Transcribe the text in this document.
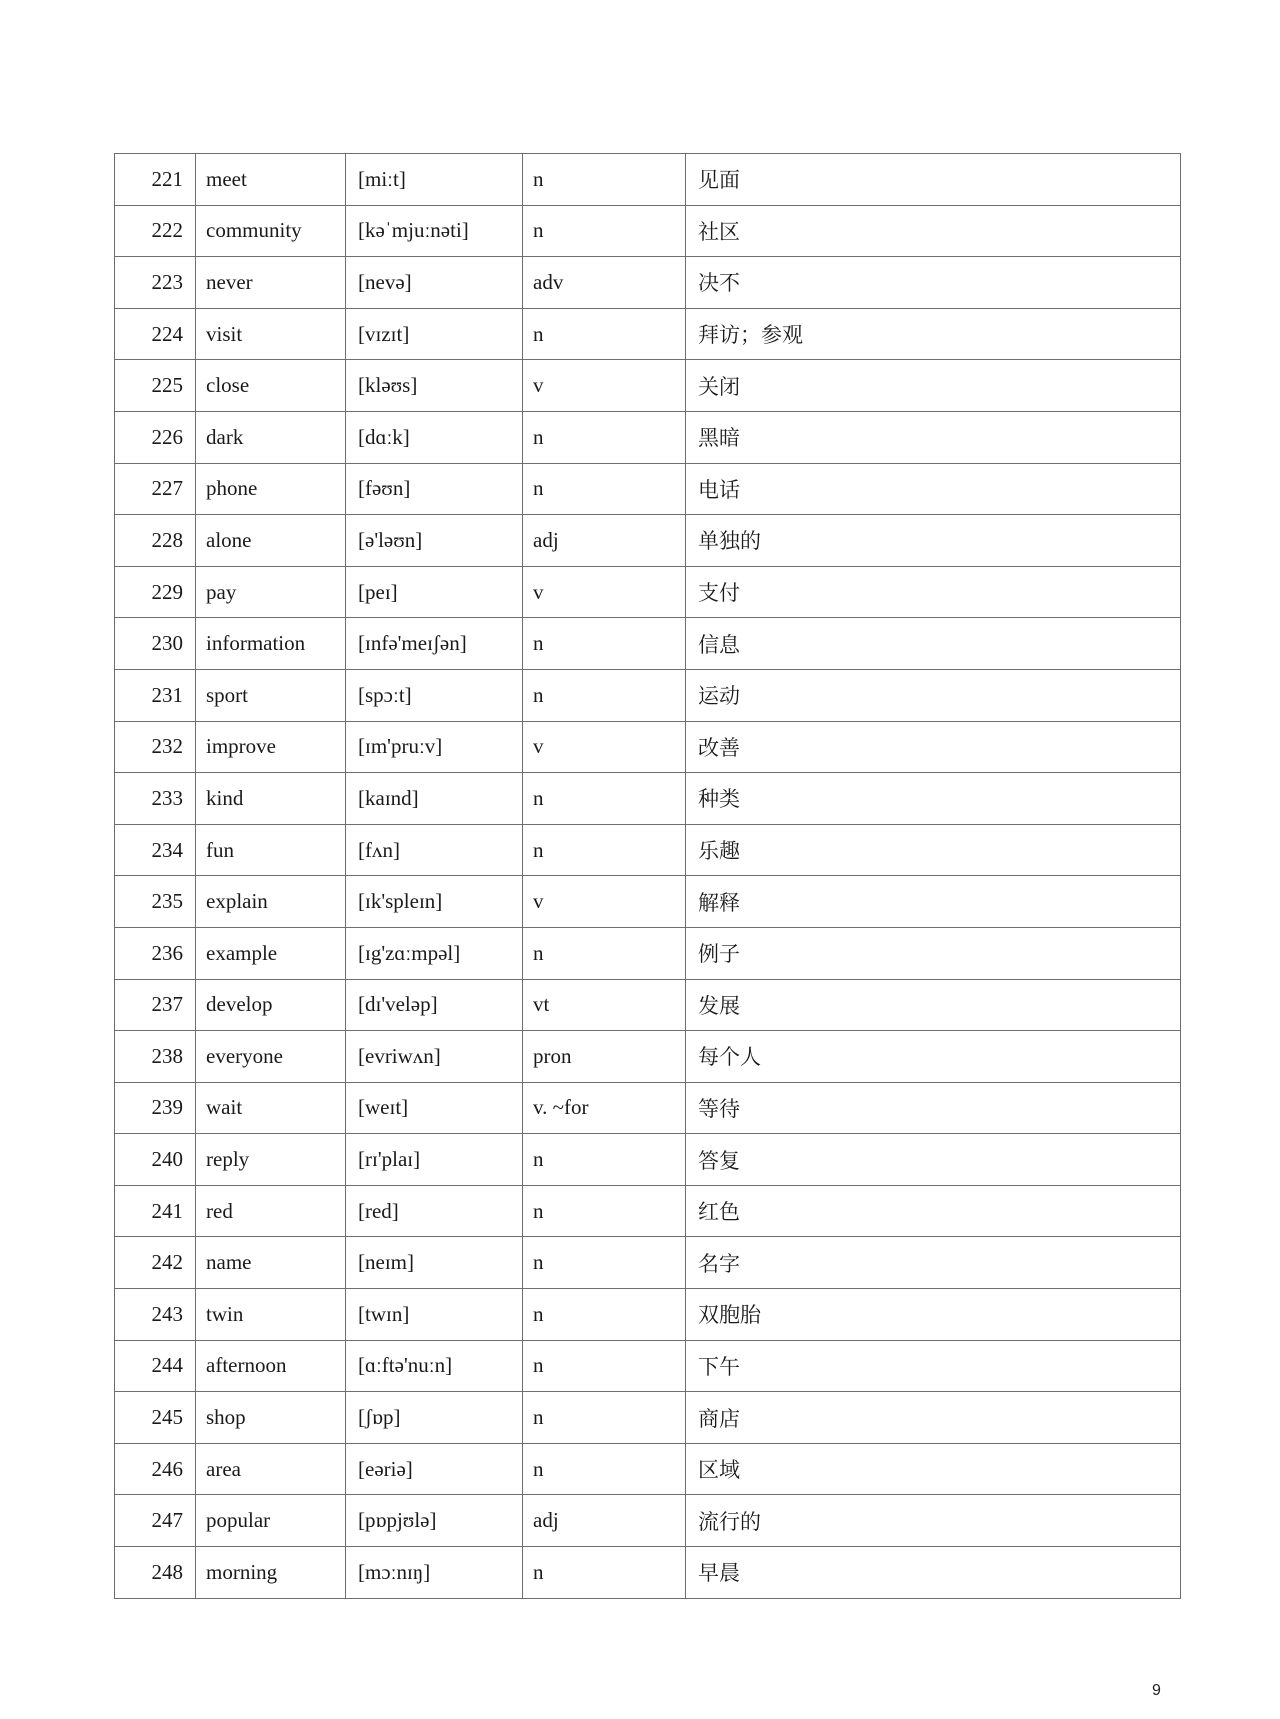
221	meet	[miːt]	n	见面
222	community	[kəˈmjuːnəti]	n	社区
223	never	[nevə]	adv	决不
224	visit	[vɪzɪt]	n	拜访；参观
225	close	[kləʊs]	v	关闭
226	dark	[dɑːk]	n	黑暗
227	phone	[fəʊn]	n	电话
228	alone	[ə'ləʊn]	adj	单独的
229	pay	[peɪ]	v	支付
230	information	[ɪnfə'meɪʃən]	n	信息
231	sport	[spɔːt]	n	运动
232	improve	[ɪm'pruːv]	v	改善
233	kind	[kaɪnd]	n	种类
234	fun	[fʌn]	n	乐趣
235	explain	[ɪk'spleɪn]	v	解释
236	example	[ɪg'zɑːmpəl]	n	例子
237	develop	[dɪ'veləp]	vt	发展
238	everyone	[evriwʌn]	pron	每个人
239	wait	[weɪt]	v. ~for	等待
240	reply	[rɪ'plaɪ]	n	答复
241	red	[red]	n	红色
242	name	[neɪm]	n	名字
243	twin	[twɪn]	n	双胞胎
244	afternoon	[ɑːftə'nuːn]	n	下午
245	shop	[ʃɒp]	n	商店
246	area	[eəriə]	n	区域
247	popular	[pɒpjʊlə]	adj	流行的
248	morning	[mɔːnɪŋ]	n	早晨
9
